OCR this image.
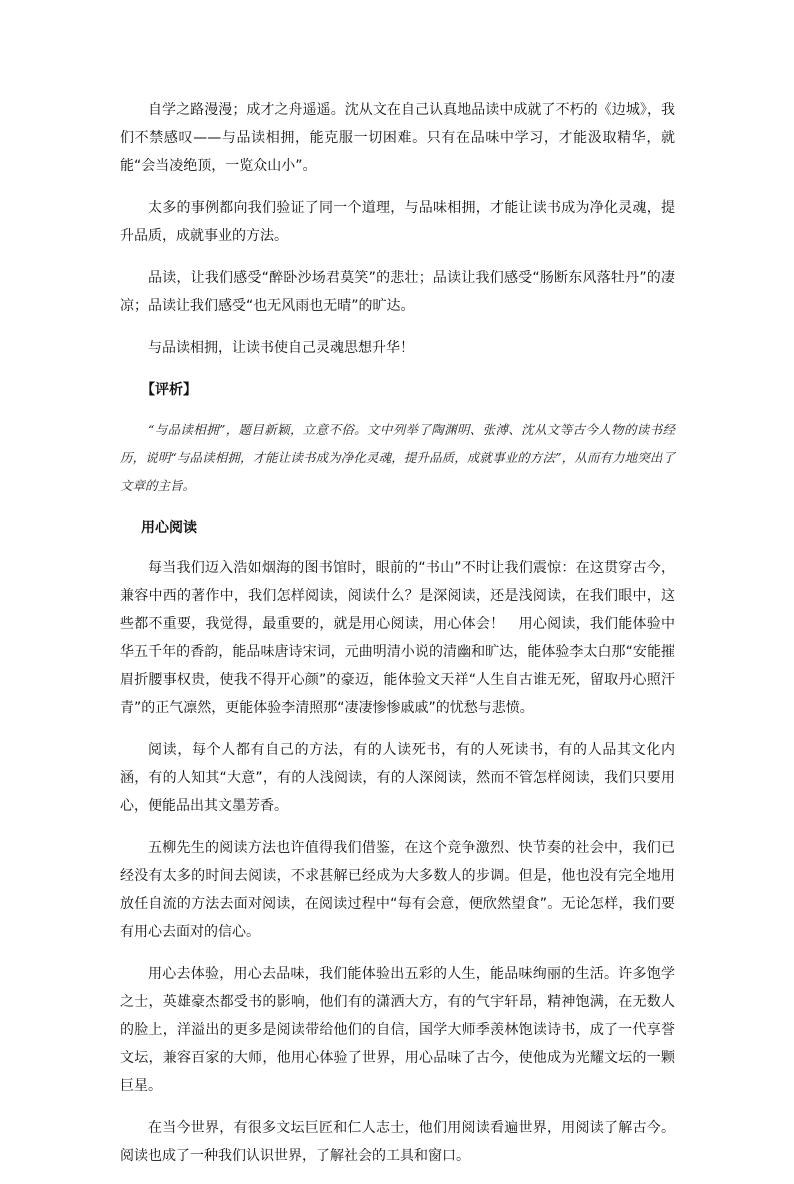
自学之路漫漫；成才之舟遥遥。沈从文在自己认真地品读中成就了不朽的《边城》，我们不禁感叹——与品读相拥，能克服一切困难。只有在品味中学习，才能汲取精华，就能“会当凌绝顶，一览众山小”。

太多的事例都向我们验证了同一个道理，与品味相拥，才能让读书成为净化灵魂，提升品质，成就事业的方法。

品读，让我们感受“醉卧沙场君莫笑”的悲壮；品读让我们感受“肠断东风落牡丹”的凄凉；品读让我们感受“也无风雨也无晴”的旷达。

与品读相拥，让读书使自己灵魂思想升华！

【评析】

“与品读相拥”，题目新颖，立意不俗。文中列举了陶渊明、张溥、沈从文等古今人物的读书经历，说明“与品读相拥，才能让读书成为净化灵魂，提升品质，成就事业的方法”，从而有力地突出了文章的主旨。

用心阅读

每当我们迈入浩如烟海的图书馆时，眼前的“书山”不时让我们震惊：在这贯穿古今，兼容中西的著作中，我们怎样阅读，阅读什么？是深阅读，还是浅阅读，在我们眼中，这些都不重要，我觉得，最重要的，就是用心阅读，用心体会！　用心阅读，我们能体验中华五千年的香韵，能品味唐诗宋词，元曲明清小说的清幽和旷达，能体验李太白那“安能摧眉折腰事权贵，使我不得开心颜”的豪迈，能体验文天祥“人生自古谁无死，留取丹心照汗青”的正气凛然，更能体验李清照那“凄凄惨惨戚戚”的忧愁与悲愤。

阅读，每个人都有自己的方法，有的人读死书，有的人死读书，有的人品其文化内涵，有的人知其“大意”，有的人浅阅读，有的人深阅读，然而不管怎样阅读，我们只要用心，便能品出其文墨芳香。

五柳先生的阅读方法也许值得我们借鉴，在这个竞争激烈、快节奏的社会中，我们已经没有太多的时间去阅读，不求甚解已经成为大多数人的步调。但是，他也没有完全地用放任自流的方法去面对阅读，在阅读过程中“每有会意，便欣然望食”。无论怎样，我们要有用心去面对的信心。

用心去体验，用心去品味，我们能体验出五彩的人生，能品味绚丽的生活。许多饱学之士，英雄豪杰都受书的影响，他们有的潇洒大方，有的气宇轩昂，精神饱满，在无数人的脸上，洋溢出的更多是阅读带给他们的自信，国学大师季羡林饱读诗书，成了一代享誉文坛，兼容百家的大师，他用心体验了世界，用心品味了古今，使他成为光耀文坛的一颗巨星。

在当今世界，有很多文坛巨匠和仁人志士，他们用阅读看遍世界，用阅读了解古今。阅读也成了一种我们认识世界，了解社会的工具和窗口。
